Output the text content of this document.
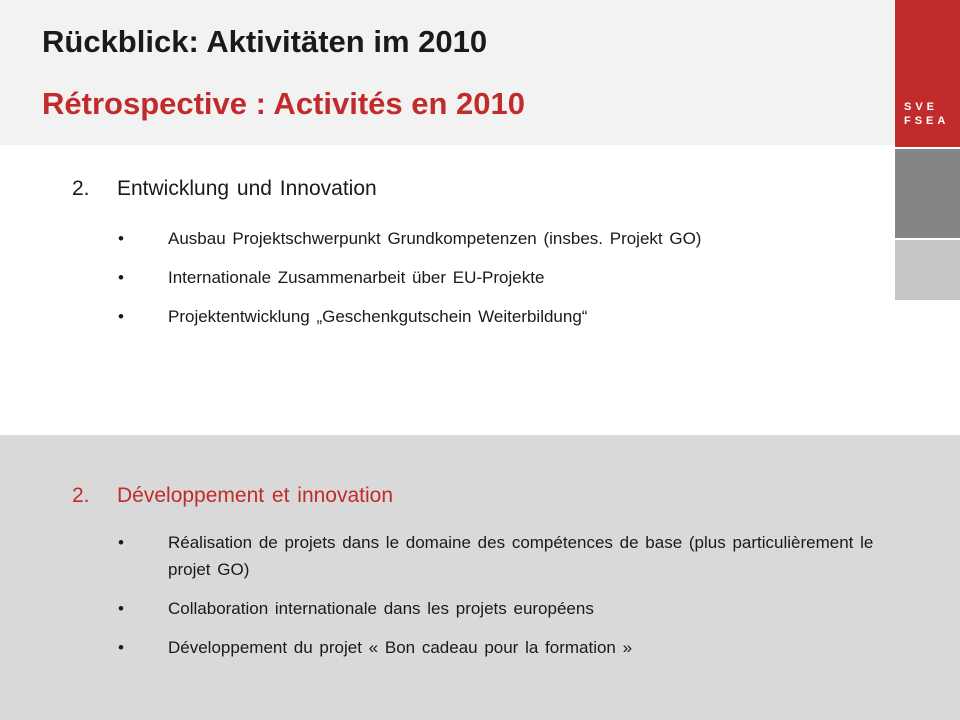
Rückblick: Aktivitäten im 2010
Rétrospective : Activités en 2010	SVE
FSEA

2. Entwicklung und Innovation

•	Ausbau Projektschwerpunkt Grundkompetenzen (insbes. Projekt GO)
•	Internationale Zusammenarbeit über EU-Projekte
•	Projektentwicklung „Geschenkgutschein Weiterbildung“

2. Développement et innovation

•	Réalisation de projets dans le domaine des compétences de base (plus particulièrement le projet GO)
•	Collaboration internationale dans les projets européens
•	Développement du projet « Bon cadeau pour la formation »
